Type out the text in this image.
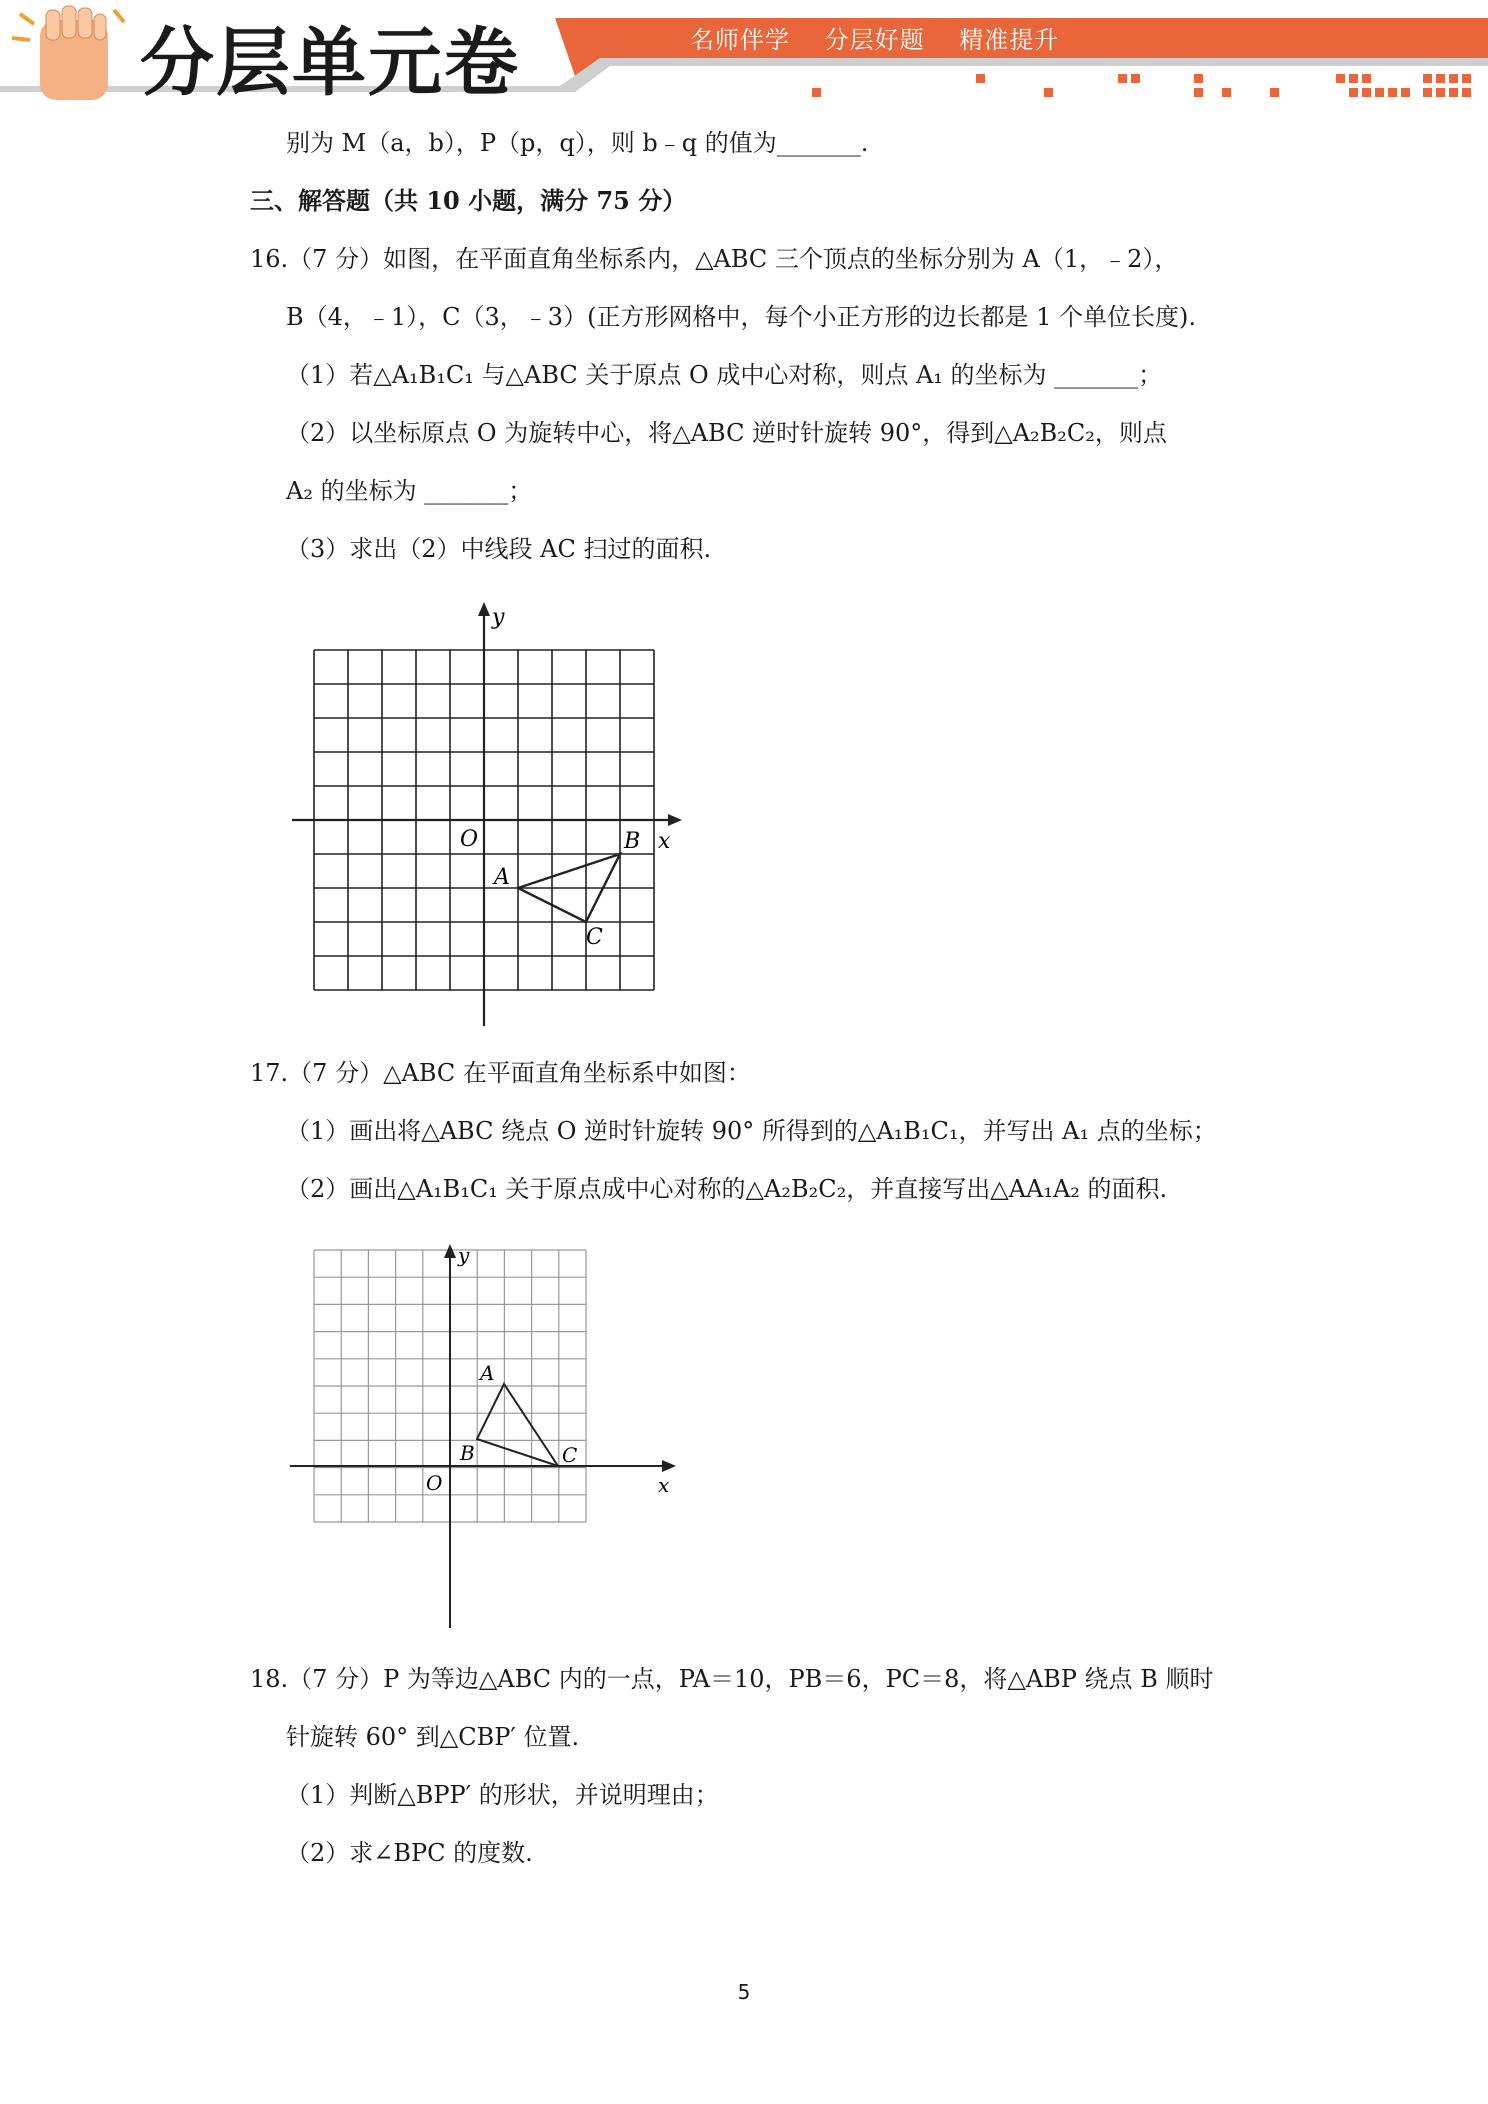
分层单元卷	名师伴学 分层好题 精准提升
别为 M（a，b），P（p，q），则 b﹣q 的值为_______.
三、解答题（共 10 小题，满分 75 分）
16.（7 分）如图，在平面直角坐标系内，△ABC 三个顶点的坐标分别为 A（1，﹣2），
B（4，﹣1），C（3，﹣3）(正方形网格中，每个小正方形的边长都是 1 个单位长度).
（1）若△A₁B₁C₁ 与△ABC 关于原点 O 成中心对称，则点 A₁ 的坐标为 _______；
（2）以坐标原点 O 为旋转中心，将△ABC 逆时针旋转 90°，得到△A₂B₂C₂，则点
A₂ 的坐标为 _______；
（3）求出（2）中线段 AC 扫过的面积.
y
x
O
A
B
C
17.（7 分）△ABC 在平面直角坐标系中如图：
（1）画出将△ABC 绕点 O 逆时针旋转 90° 所得到的△A₁B₁C₁，并写出 A₁ 点的坐标；
（2）画出△A₁B₁C₁ 关于原点成中心对称的△A₂B₂C₂，并直接写出△AA₁A₂ 的面积.
y
x
O
A
B	C
18.（7 分）P 为等边△ABC 内的一点，PA＝10，PB＝6，PC＝8，将△ABP 绕点 B 顺时
针旋转 60° 到△CBP′ 位置.
（1）判断△BPP′ 的形状，并说明理由；
（2）求∠BPC 的度数.
5
